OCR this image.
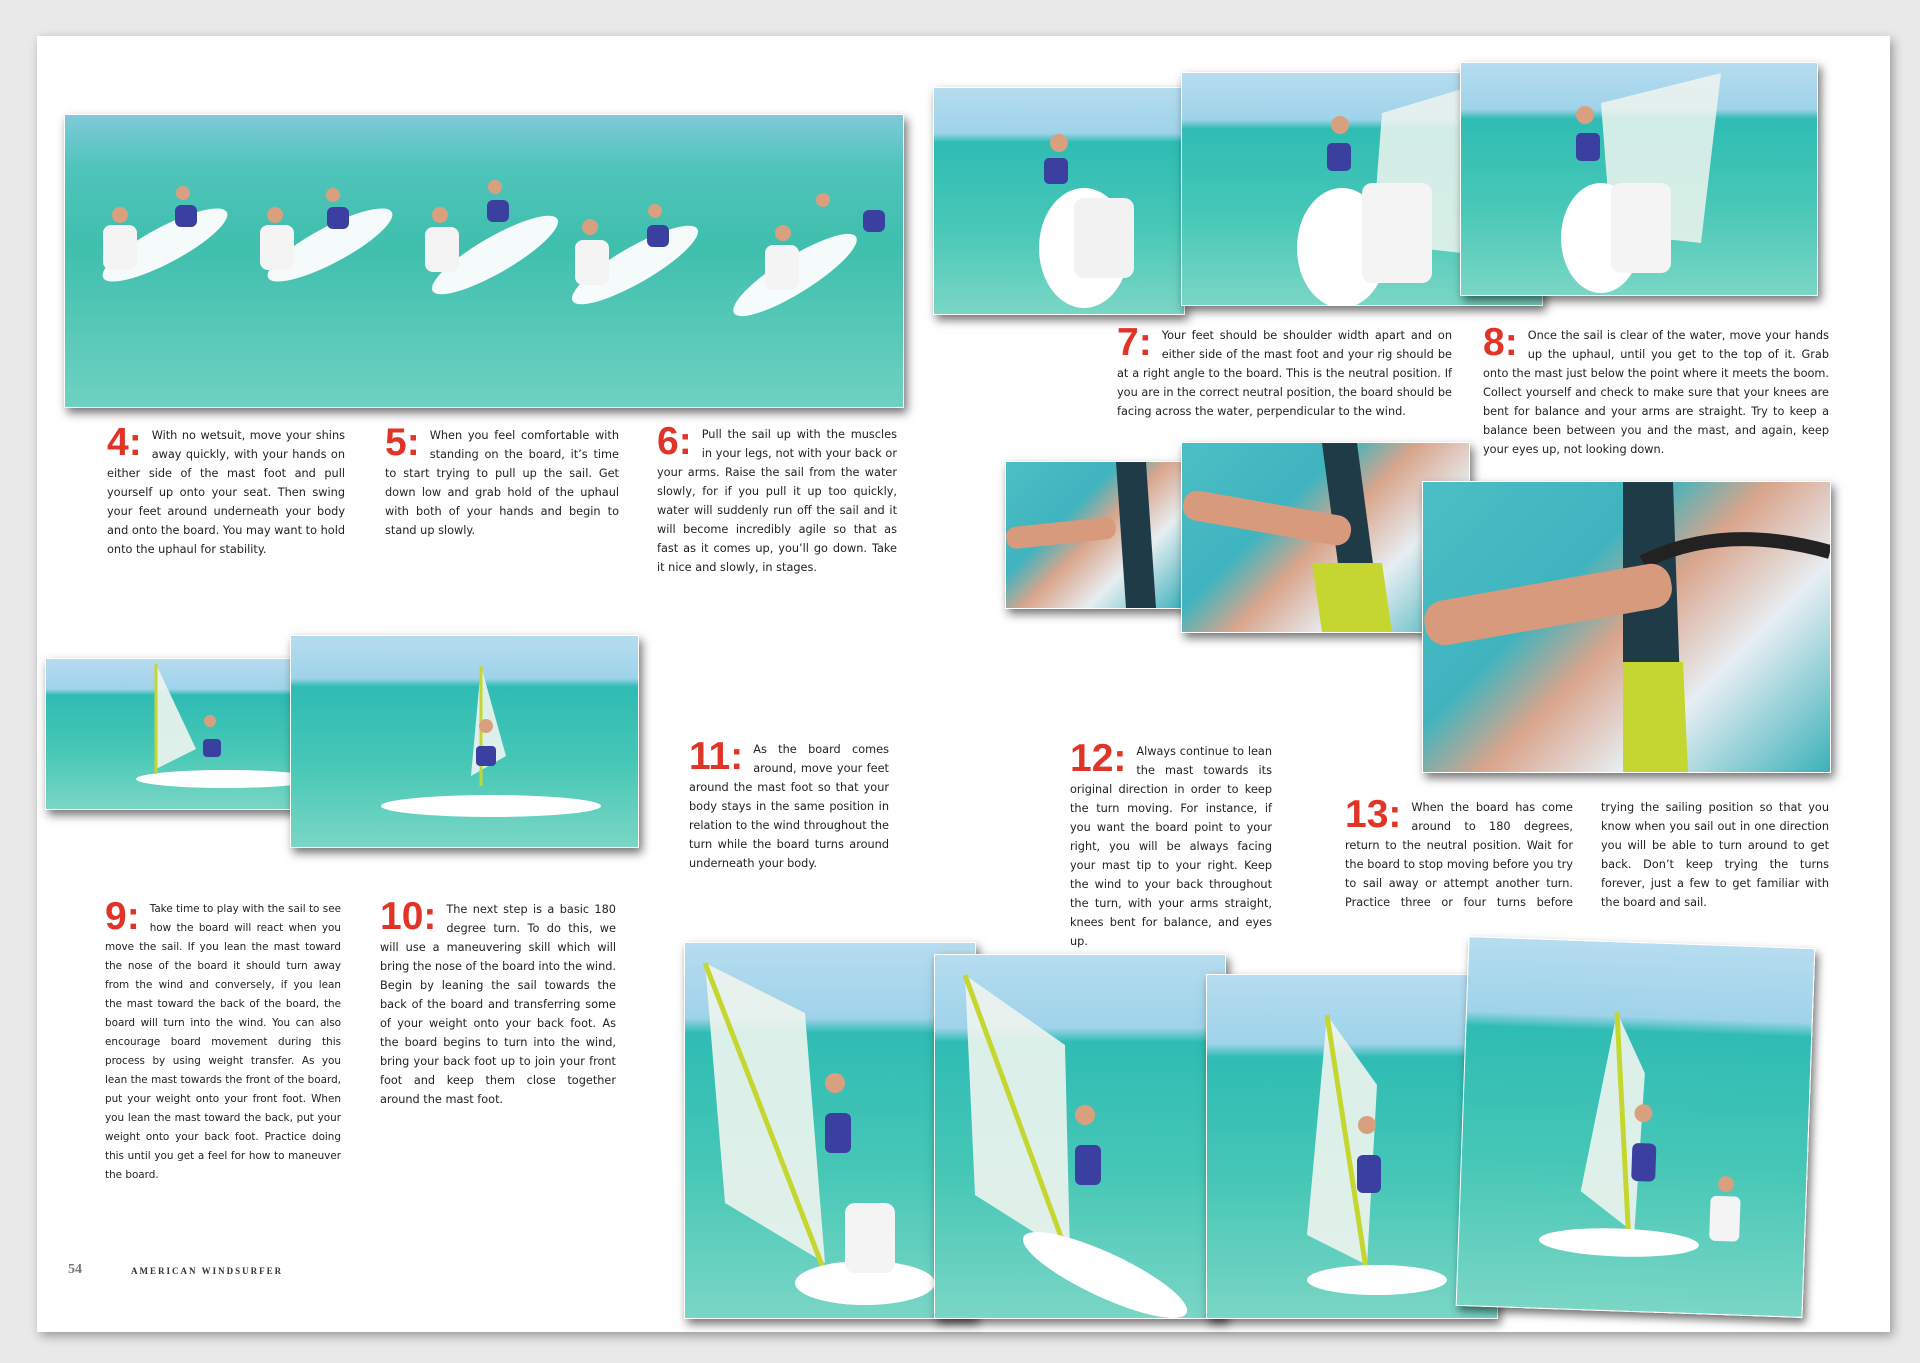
4: With no wetsuit, move your shins away quickly, with your hands on either side of the mast foot and pull yourself up onto your seat. Then swing your feet around underneath your body and onto the board. You may want to hold onto the uphaul for stability.
5: When you feel comfortable with standing on the board, it’s time to start trying to pull up the sail. Get down low and grab hold of the uphaul with both of your hands and begin to stand up slowly.
6: Pull the sail up with the muscles in your legs, not with your back or your arms. Raise the sail from the water slowly, for if you pull it up too quickly, water will suddenly run off the sail and it will become incredibly agile so that as fast as it comes up, you’ll go down. Take it nice and slowly, in stages.
7: Your feet should be shoulder width apart and on either side of the mast foot and your rig should be at a right angle to the board. This is the neutral position. If you are in the correct neutral position, the board should be facing across the water, perpendicular to the wind.
8: Once the sail is clear of the water, move your hands up the uphaul, until you get to the top of it. Grab onto the mast just below the point where it meets the boom. Collect yourself and check to make sure that your knees are bent for balance and your arms are straight. Try to keep a balance been between you and the mast, and again, keep your eyes up, not looking down.
9: Take time to play with the sail to see how the board will react when you move the sail. If you lean the mast toward the nose of the board it should turn away from the wind and conversely, if you lean the mast toward the back of the board, the board will turn into the wind. You can also encourage board movement during this process by using weight transfer. As you lean the mast towards the front of the board, put your weight onto your front foot. When you lean the mast toward the back, put your weight onto your back foot. Practice doing this until you get a feel for how to maneuver the board.
10: The next step is a basic 180 degree turn. To do this, we will use a maneuvering skill which will bring the nose of the board into the wind. Begin by leaning the sail towards the back of the board and transferring some of your weight onto your back foot. As the board begins to turn into the wind, bring your back foot up to join your front foot and keep them close together around the mast foot.
11: As the board comes around, move your feet around the mast foot so that your body stays in the same position in relation to the wind throughout the turn while the board turns around underneath your body.
12: Always continue to lean the mast towards its original direction in order to keep the turn moving. For instance, if you want the board point to your right, you will be always facing your mast tip to your right. Keep the wind to your back throughout the turn, with your arms straight, knees bent for balance, and eyes up.
13: When the board has come around to 180 degrees, return to the neutral position. Wait for the board to stop moving before you try to sail away or attempt another turn. Practice three or four turns before trying the sailing position so that you know when you sail out in one direction you will be able to turn around to get back. Don’t keep trying the turns forever, just a few to get familiar with the board and sail.
54	AMERICAN WINDSURFER
